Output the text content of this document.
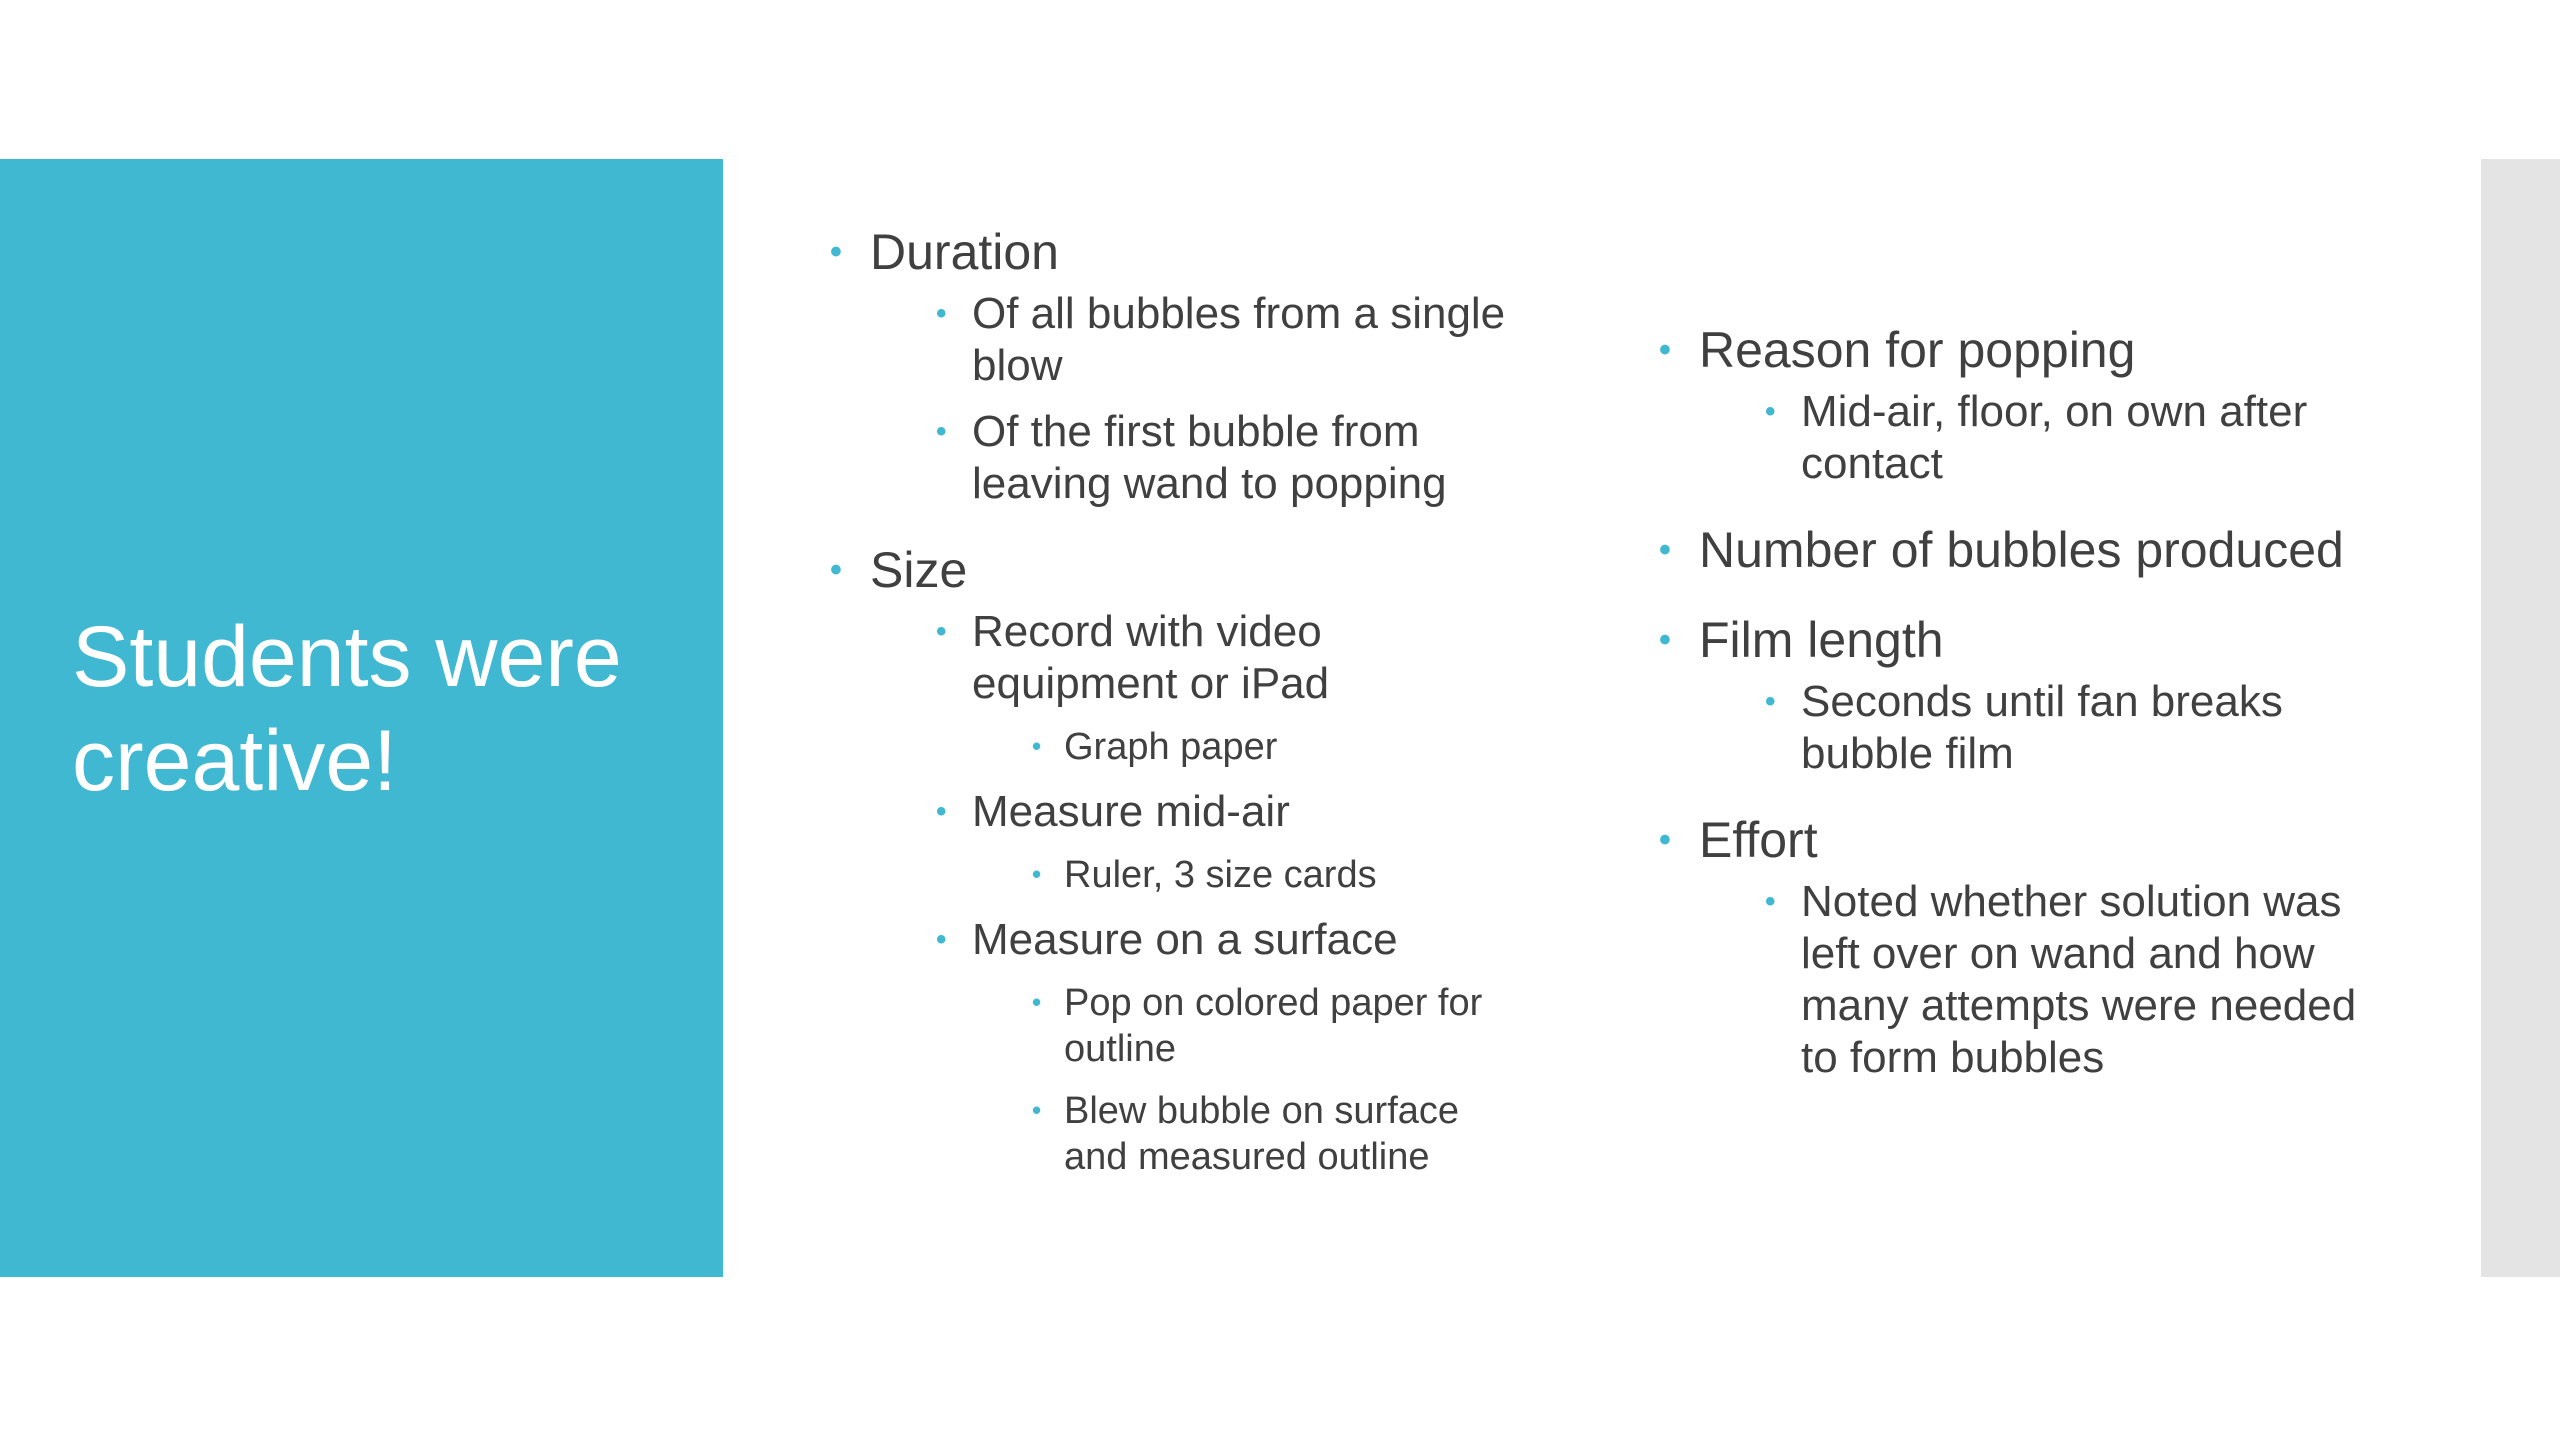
Students were creative!
• Duration
• Of all bubbles from a single blow
• Of the first bubble from leaving wand to popping
• Size
• Record with video equipment or iPad
• Graph paper
• Measure mid-air
• Ruler, 3 size cards
• Measure on a surface
• Pop on colored paper for outline
• Blew bubble on surface and measured outline
• Reason for popping
• Mid-air, floor, on own after contact
• Number of bubbles produced
• Film length
• Seconds until fan breaks bubble film
• Effort
• Noted whether solution was left over on wand and how many attempts were needed to form bubbles
